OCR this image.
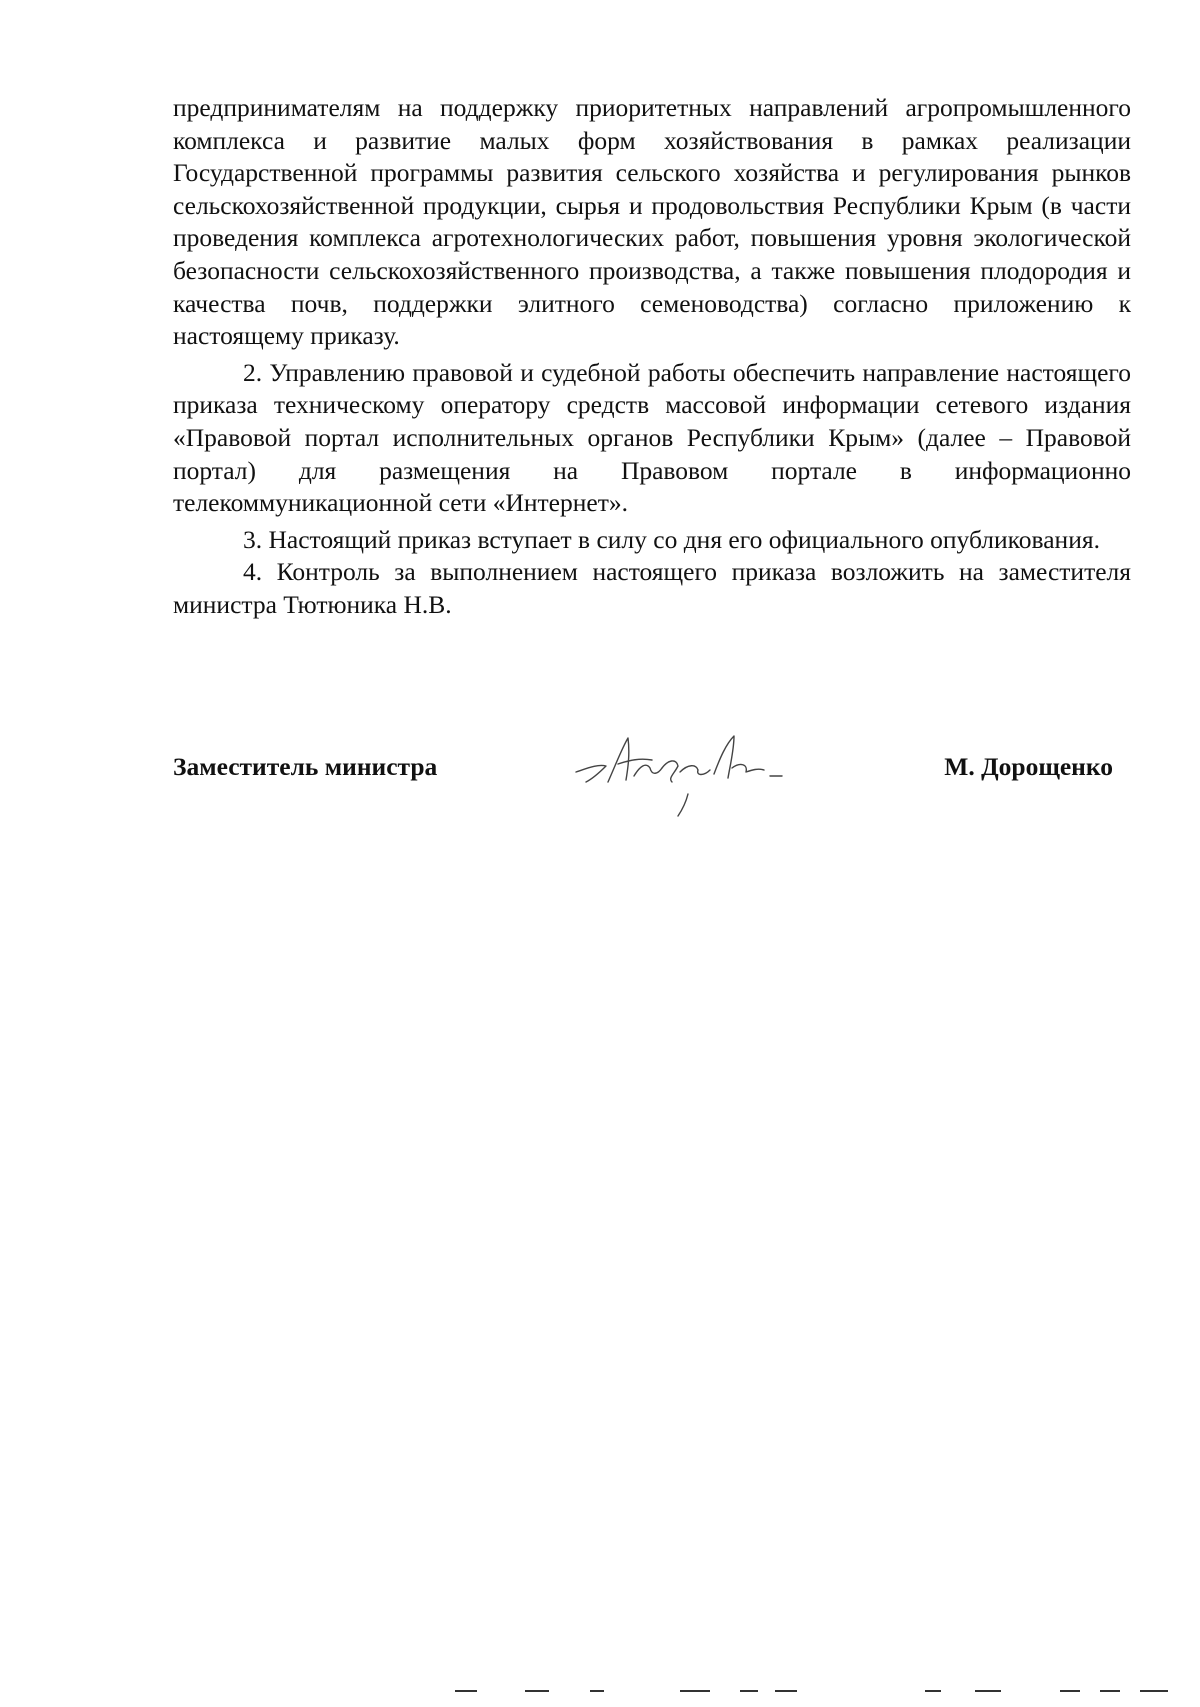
предпринимателям на поддержку приоритетных направлений агропромышленного комплекса и развитие малых форм хозяйствования в рамках реализации Государственной программы развития сельского хозяйства и регулирования рынков сельскохозяйственной продукции, сырья и продовольствия Республики Крым (в части проведения комплекса агротехнологических работ, повышения уровня экологической безопасности сельскохозяйственного производства, а также повышения плодородия и качества почв, поддержки элитного семеноводства) согласно приложению к настоящему приказу.

2. Управлению правовой и судебной работы обеспечить направление настоящего приказа техническому оператору средств массовой информации сетевого издания «Правовой портал исполнительных органов Республики Крым» (далее – Правовой портал) для размещения на Правовом портале в информационно телекоммуникационной сети «Интернет».

3. Настоящий приказ вступает в силу со дня его официального опубликования.

4. Контроль за выполнением настоящего приказа возложить на заместителя министра Тютюника Н.В.

Заместитель министра	М. Дорощенко
